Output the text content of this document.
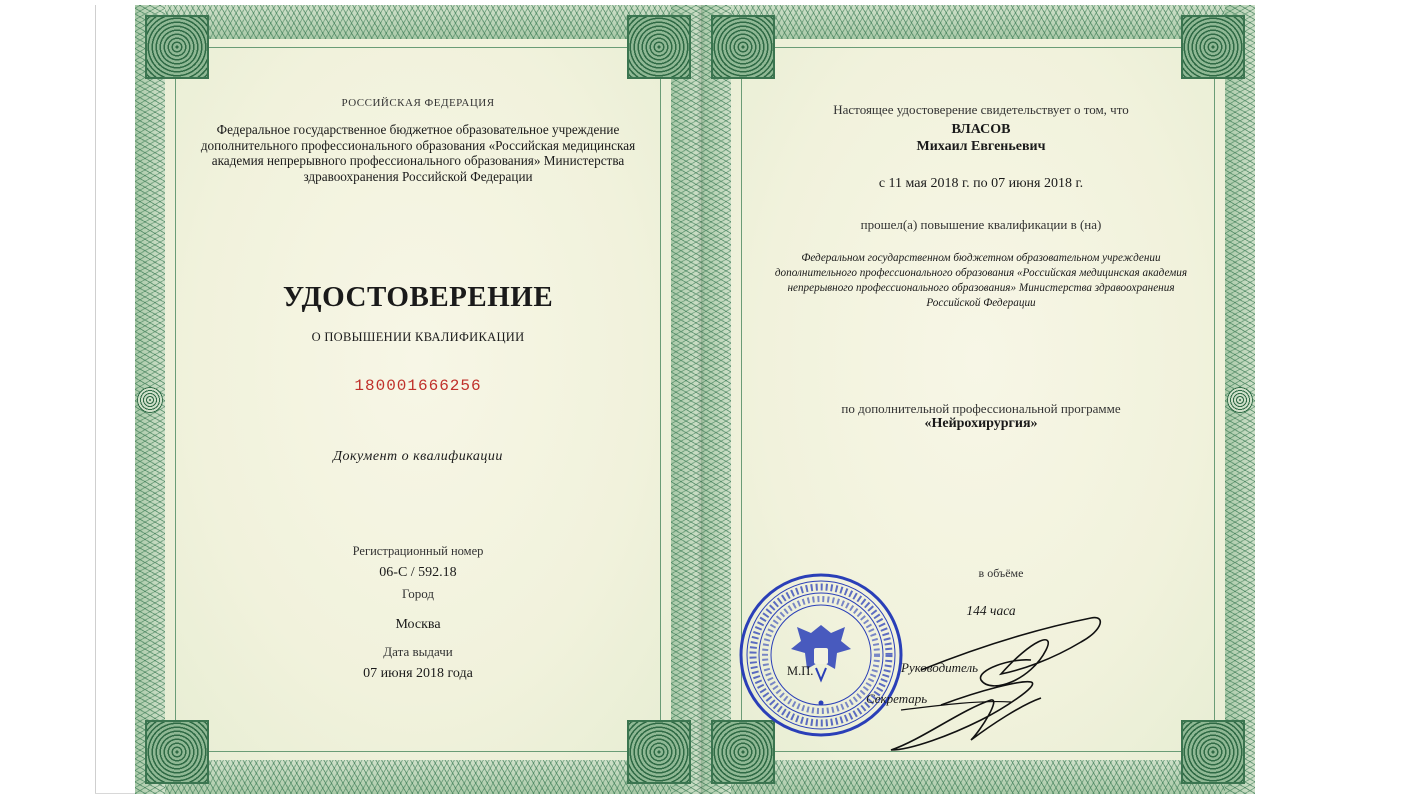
РОССИЙСКАЯ ФЕДЕРАЦИЯ
Федеральное государственное бюджетное образовательное учреждение дополнительного профессионального образования «Российская медицинская академия непрерывного профессионального образования» Министерства здравоохранения Российской Федерации
УДОСТОВЕРЕНИЕ
О ПОВЫШЕНИИ КВАЛИФИКАЦИИ
180001666256
Документ о квалификации
Регистрационный номер
06-С / 592.18
Город
Москва
Дата выдачи
07 июня 2018 года
Настоящее удостоверение свидетельствует о том, что
ВЛАСОВ
Михаил Евгеньевич
с 11 мая 2018 г. по 07 июня 2018 г.
прошел(а) повышение квалификации в (на)
Федеральном государственном бюджетном образовательном учреждении дополнительного профессионального образования «Российская медицинская академия непрерывного профессионального образования» Министерства здравоохранения Российской Федерации
по дополнительной профессиональной программе
«Нейрохирургия»
в объёме
144 часа
М.П.	Руководитель
Секретарь
